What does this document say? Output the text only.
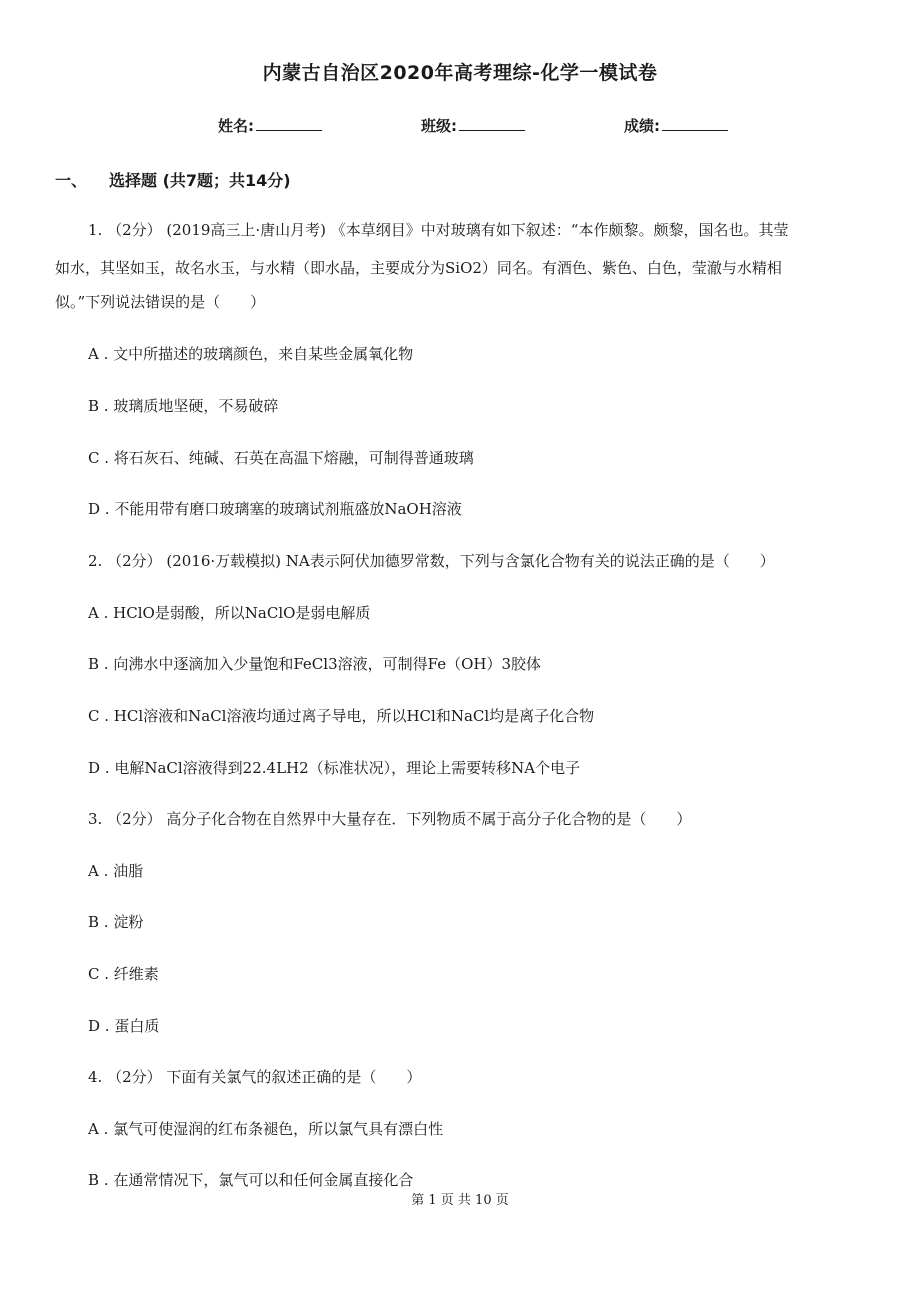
内蒙古自治区2020年高考理综-化学一模试卷
姓名:	班级:	成绩:
一、 选择题 (共7题；共14分)
1. （2分） (2019高三上·唐山月考) 《本草纲目》中对玻璃有如下叙述：“本作颇黎。颇黎，国名也。其莹
如水，其坚如玉，故名水玉，与水精（即水晶，主要成分为SiO2）同名。有酒色、紫色、白色，莹澈与水精相
似。”下列说法错误的是（　　）
A . 文中所描述的玻璃颜色，来自某些金属氧化物
B . 玻璃质地坚硬，不易破碎
C . 将石灰石、纯碱、石英在高温下熔融，可制得普通玻璃
D . 不能用带有磨口玻璃塞的玻璃试剂瓶盛放NaOH溶液
2. （2分） (2016·万载模拟) NA表示阿伏加德罗常数，下列与含氯化合物有关的说法正确的是（　　）
A . HClO是弱酸，所以NaClO是弱电解质
B . 向沸水中逐滴加入少量饱和FeCl3溶液，可制得Fe（OH）3胶体
C . HCl溶液和NaCl溶液均通过离子导电，所以HCl和NaCl均是离子化合物
D . 电解NaCl溶液得到22.4LH2（标准状况），理论上需要转移NA个电子
3. （2分） 高分子化合物在自然界中大量存在．下列物质不属于高分子化合物的是（　　）
A . 油脂
B . 淀粉
C . 纤维素
D . 蛋白质
4. （2分） 下面有关氯气的叙述正确的是（　　）
A . 氯气可使湿润的红布条褪色，所以氯气具有漂白性
B . 在通常情况下，氯气可以和任何金属直接化合
第 1 页 共 10 页
